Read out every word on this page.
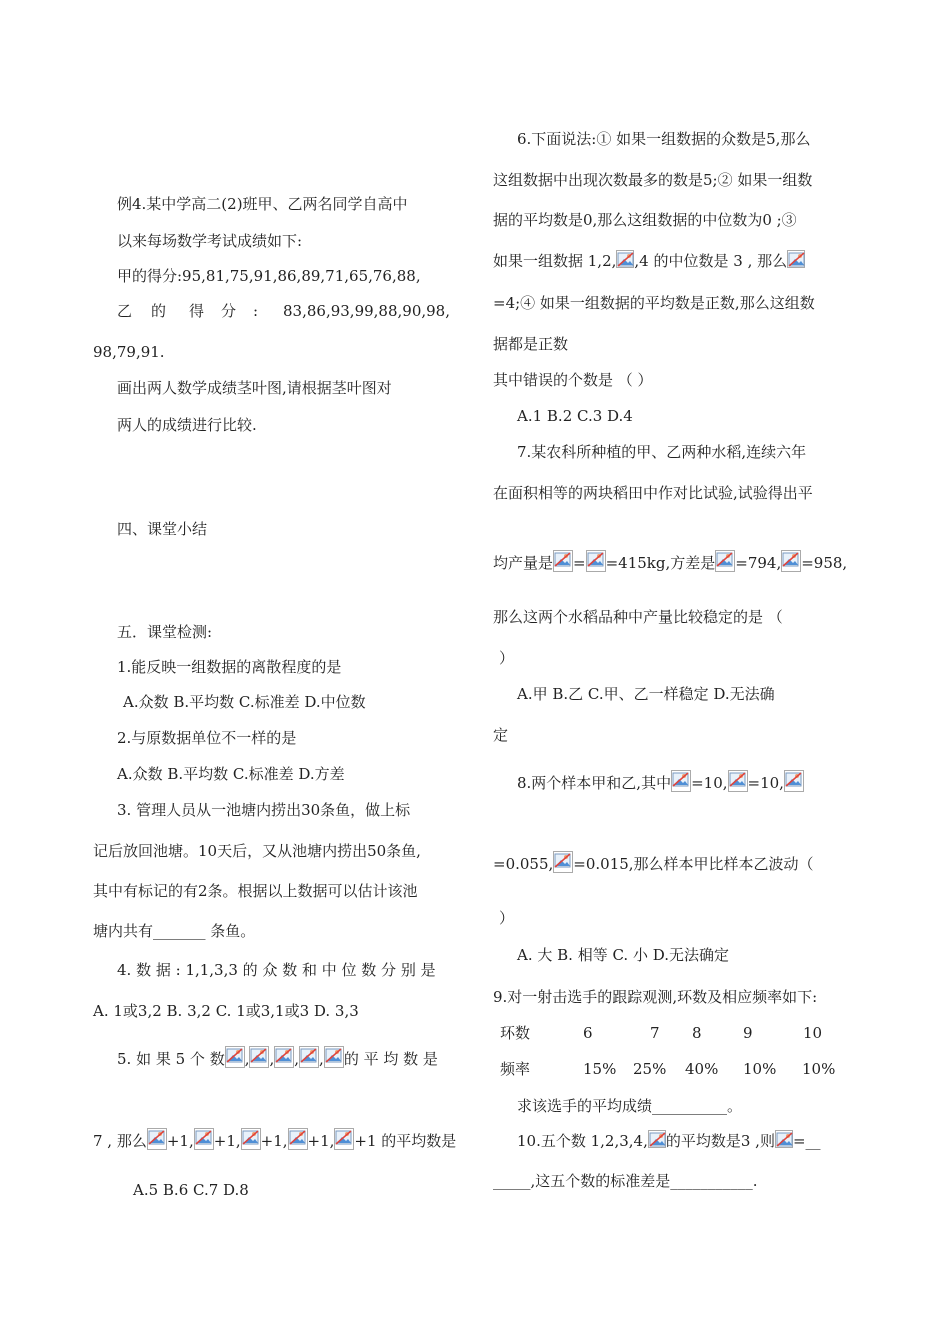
例4.某中学高二(2)班甲、乙两名同学自高中
以来每场数学考试成绩如下:
甲的得分:95,81,75,91,86,89,71,65,76,88,
乙 的 得 分 : 83,86,93,99,88,90,98,
98,79,91.
画出两人数学成绩茎叶图,请根据茎叶图对
两人的成绩进行比较.
四、课堂小结
五．课堂检测:
1.能反映一组数据的离散程度的是
A.众数 B.平均数 C.标准差 D.中位数
2.与原数据单位不一样的是
A.众数 B.平均数 C.标准差 D.方差
3. 管理人员从一池塘内捞出30条鱼，做上标
记后放回池塘。10天后，又从池塘内捞出50条鱼,
其中有标记的有2条。根据以上数据可以估计该池
塘内共有_______ 条鱼。
4. 数 据 : 1,1,3,3 的 众 数 和 中 位 数 分 别 是
A. 1或3,2 B. 3,2 C. 1或3,1或3 D. 3,3
5. 如 果 5 个 数 , , , , 的 平 均 数 是
7 , 那么 +1, +1, +1, +1, +1 的平均数是
A.5 B.6 C.7 D.8
6.下面说法:① 如果一组数据的众数是5,那么
这组数据中出现次数最多的数是5;② 如果一组数
据的平均数是0,那么这组数据的中位数为0 ;③
如果一组数据 1,2, ,4 的中位数是 3 , 那么
=4;④ 如果一组数据的平均数是正数,那么这组数
据都是正数
其中错误的个数是 （ ）
A.1 B.2 C.3 D.4
7.某农科所种植的甲、乙两种水稻,连续六年
在面积相等的两块稻田中作对比试验,试验得出平
均产量是 = =415kg,方差是 =794, =958,
那么这两个水稻品种中产量比较稳定的是 （
）
A.甲 B.乙 C.甲、乙一样稳定 D.无法确
定
8.两个样本甲和乙,其中 =10, =10,
=0.055, =0.015,那么样本甲比样本乙波动（
）
A. 大 B. 相等 C. 小 D.无法确定
9.对一射击选手的跟踪观测,环数及相应频率如下:
环数	6	7 8	9	10
频率	15% 25% 40% 10% 10%
求该选手的平均成绩__________。
10.五个数 1,2,3,4, 的平均数是3 ,则 =__
_____,这五个数的标准差是___________.
